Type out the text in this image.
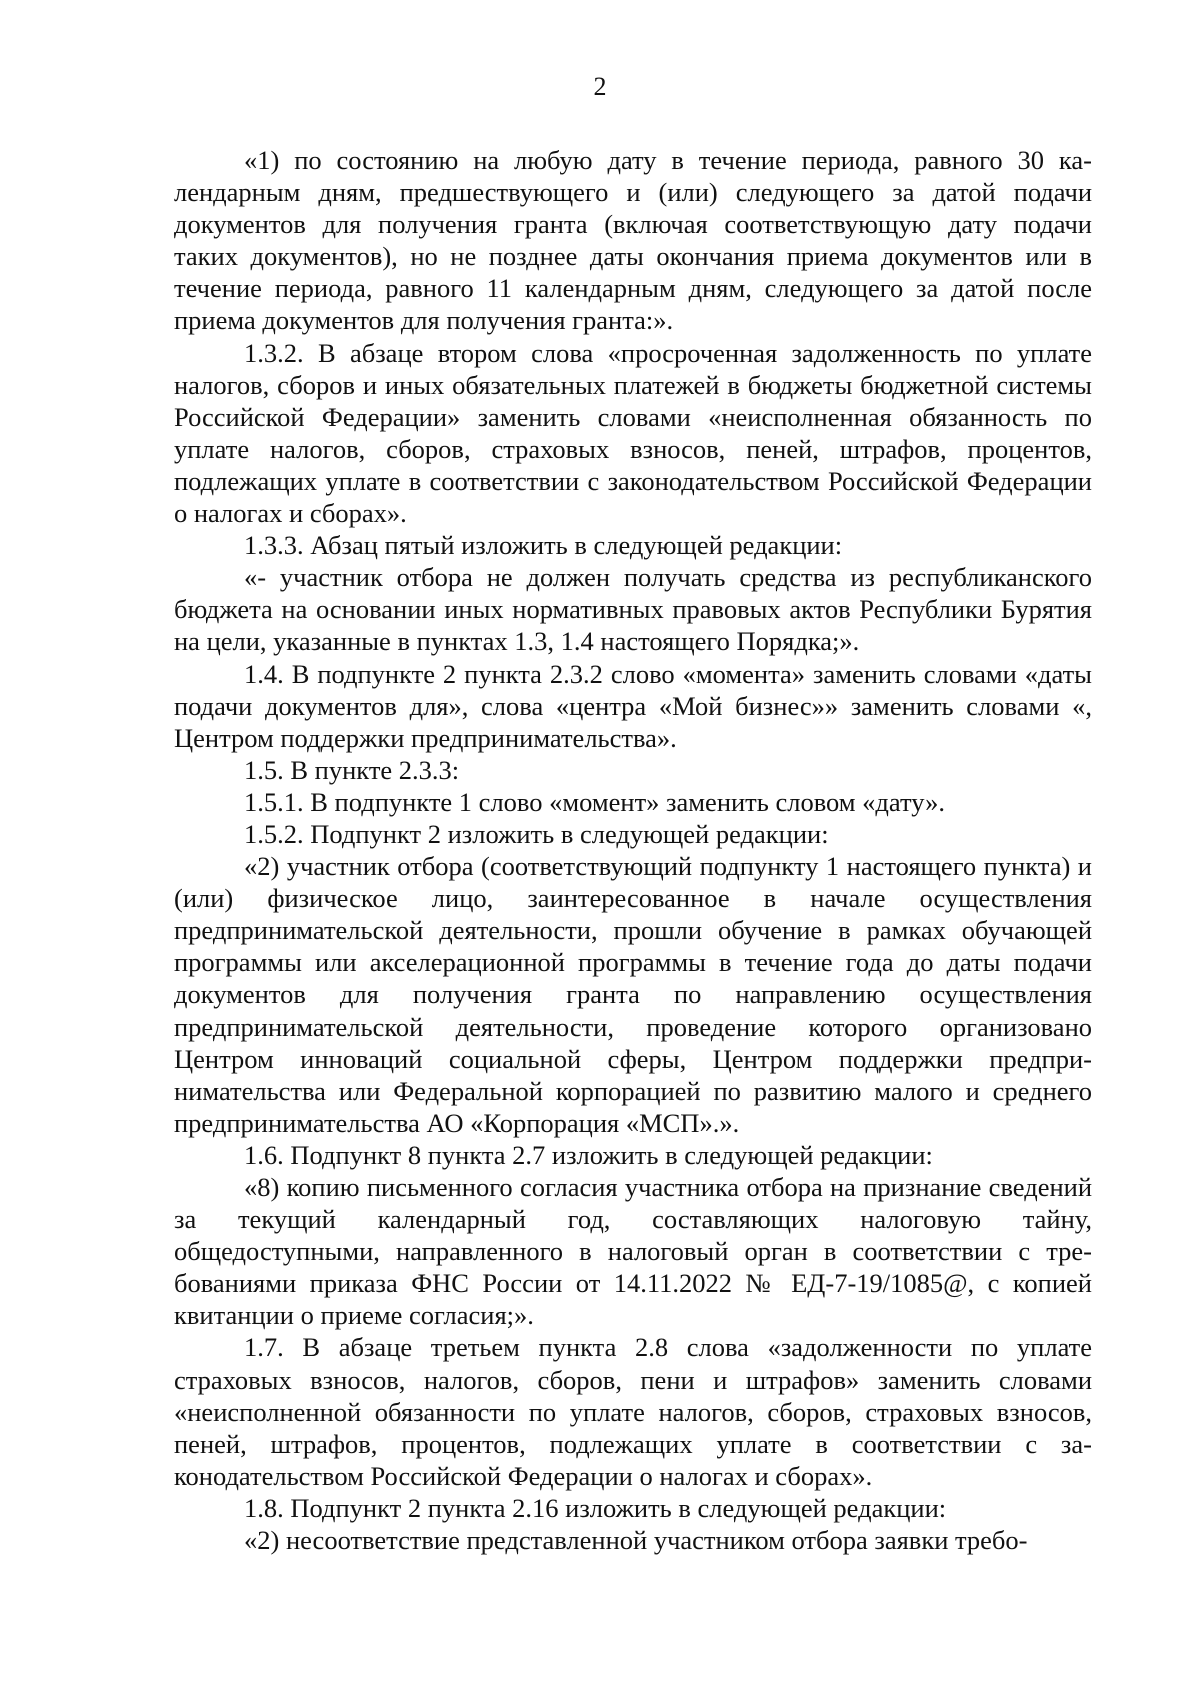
2

«1) по состоянию на любую дату в течение периода, равного 30 календарным дням, предшествующего и (или) следующего за датой подачи документов для получения гранта (включая соответствующую дату подачи таких документов), но не позднее даты окончания приема документов или в течение периода, равного 11 календарным дням, следующего за датой после приема документов для получения гранта:».

1.3.2. В абзаце втором слова «просроченная задолженность по уплате налогов, сборов и иных обязательных платежей в бюджеты бюджетной системы Российской Федерации» заменить словами «неисполненная обязанность по уплате налогов, сборов, страховых взносов, пеней, штрафов, процентов, подлежащих уплате в соответствии с законодательством Российской Федерации о налогах и сборах».

1.3.3. Абзац пятый изложить в следующей редакции:

«- участник отбора не должен получать средства из республиканского бюджета на основании иных нормативных правовых актов Республики Бурятия на цели, указанные в пунктах 1.3, 1.4 настоящего Порядка;».

1.4. В подпункте 2 пункта 2.3.2 слово «момента» заменить словами «даты подачи документов для», слова «центра «Мой бизнес»» заменить словами «, Центром поддержки предпринимательства».

1.5. В пункте 2.3.3:

1.5.1. В подпункте 1 слово «момент» заменить словом «дату».

1.5.2. Подпункт 2 изложить в следующей редакции:

«2) участник отбора (соответствующий подпункту 1 настоящего пункта) и (или) физическое лицо, заинтересованное в начале осуществления предпринимательской деятельности, прошли обучение в рамках обучающей программы или акселерационной программы в течение года до даты подачи документов для получения гранта по направлению осуществления предпринимательской деятельности, проведение которого организовано Центром инноваций социальной сферы, Центром поддержки предпринимательства или Федеральной корпорацией по развитию малого и среднего предпринимательства АО «Корпорация «МСП».».

1.6. Подпункт 8 пункта 2.7 изложить в следующей редакции:

«8) копию письменного согласия участника отбора на признание сведений за текущий календарный год, составляющих налоговую тайну, общедоступными, направленного в налоговый орган в соответствии с требованиями приказа ФНС России от 14.11.2022 № ЕД-7-19/1085@, с копией квитанции о приеме согласия;».

1.7. В абзаце третьем пункта 2.8 слова «задолженности по уплате страховых взносов, налогов, сборов, пени и штрафов» заменить словами «неисполненной обязанности по уплате налогов, сборов, страховых взносов, пеней, штрафов, процентов, подлежащих уплате в соответствии с законодательством Российской Федерации о налогах и сборах».

1.8. Подпункт 2 пункта 2.16 изложить в следующей редакции:

«2) несоответствие представленной участником отбора заявки требо-
